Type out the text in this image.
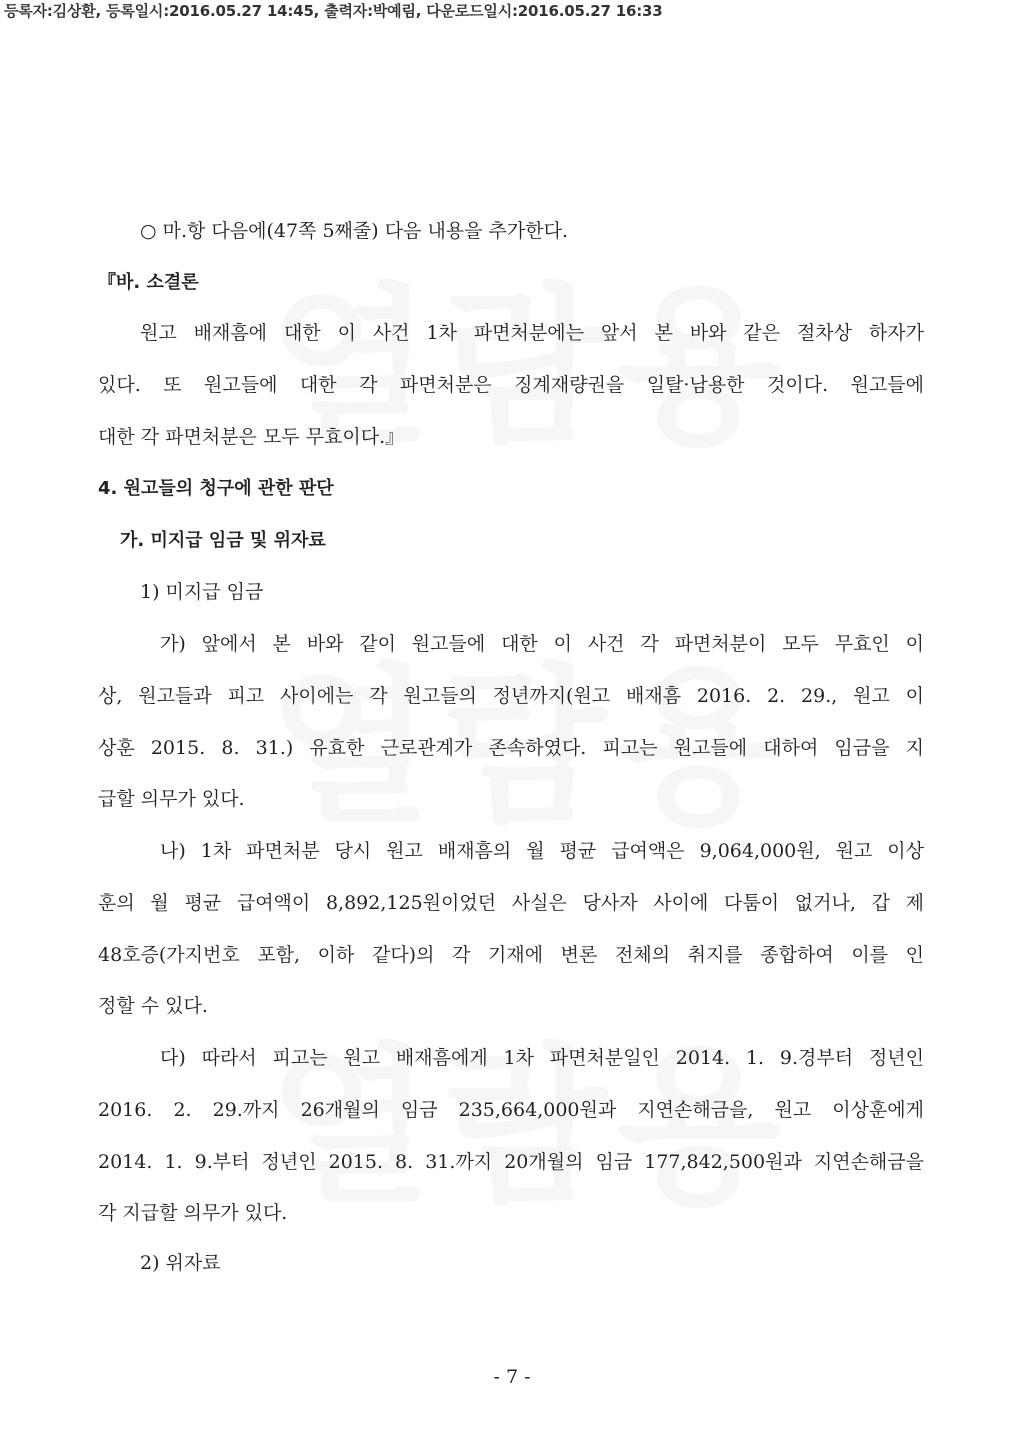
등록자:김상환, 등록일시:2016.05.27 14:45, 출력자:박예림, 다운로드일시:2016.05.27 16:33
○ 마.항 다음에(47쪽 5째줄) 다음 내용을 추가한다.
『바. 소결론
원고 배재흠에 대한 이 사건 1차 파면처분에는 앞서 본 바와 같은 절차상 하자가
있다. 또 원고들에 대한 각 파면처분은 징계재량권을 일탈·남용한 것이다. 원고들에
대한 각 파면처분은 모두 무효이다.』
4. 원고들의 청구에 관한 판단
가. 미지급 임금 및 위자료
1) 미지급 임금
가) 앞에서 본 바와 같이 원고들에 대한 이 사건 각 파면처분이 모두 무효인 이
상, 원고들과 피고 사이에는 각 원고들의 정년까지(원고 배재흠 2016. 2. 29., 원고 이
상훈 2015. 8. 31.) 유효한 근로관계가 존속하였다. 피고는 원고들에 대하여 임금을 지
급할 의무가 있다.
나) 1차 파면처분 당시 원고 배재흠의 월 평균 급여액은 9,064,000원, 원고 이상
훈의 월 평균 급여액이 8,892,125원이었던 사실은 당사자 사이에 다툼이 없거나, 갑 제
48호증(가지번호 포함, 이하 같다)의 각 기재에 변론 전체의 취지를 종합하여 이를 인
정할 수 있다.
다) 따라서 피고는 원고 배재흠에게 1차 파면처분일인 2014. 1. 9.경부터 정년인
2016. 2. 29.까지 26개월의 임금 235,664,000원과 지연손해금을, 원고 이상훈에게
2014. 1. 9.부터 정년인 2015. 8. 31.까지 20개월의 임금 177,842,500원과 지연손해금을
각 지급할 의무가 있다.
2) 위자료
- 7 -
